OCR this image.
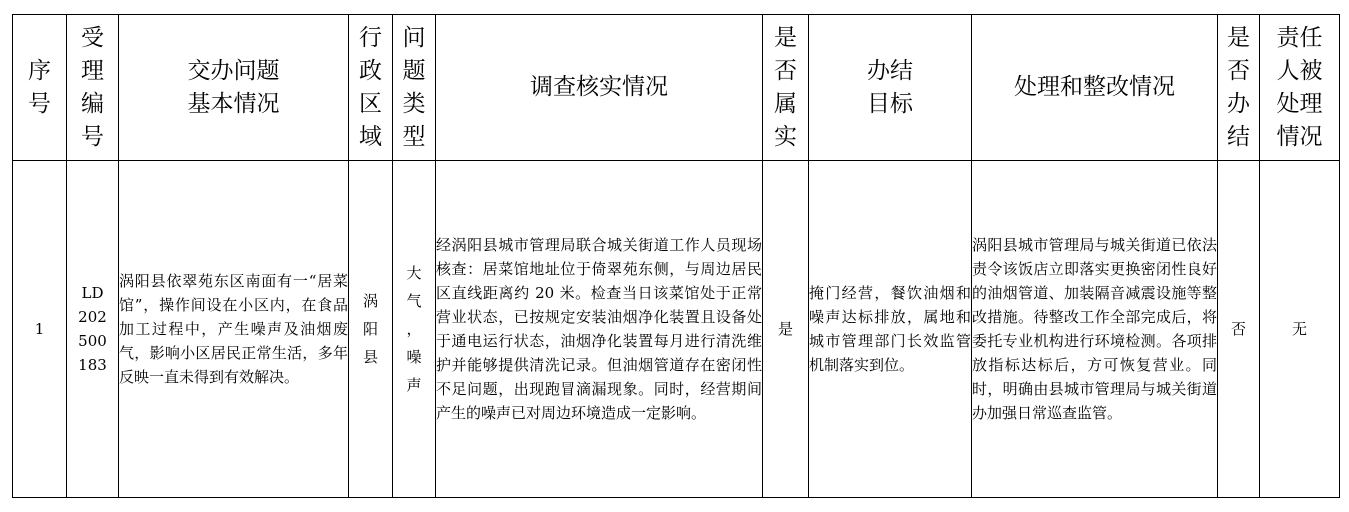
序
号	受
理
编
号	交办问题
基本情况	行
政
区
域	问
题
类
型	调查核实情况	是
否
属
实	办结
目标	处理和整改情况	是
否
办
结	责任
人被
处理
情况

1	LD
202
500
183	涡阳县依翠苑东区南面有一“居菜馆”，操作间设在小区内，在食品加工过程中，产生噪声及油烟废气，影响小区居民正常生活，多年反映一直未得到有效解决。	涡
阳
县	大
气
，
噪
声	经涡阳县城市管理局联合城关街道工作人员现场核查：居菜馆地址位于倚翠苑东侧，与周边居民区直线距离约 20 米。检查当日该菜馆处于正常营业状态，已按规定安装油烟净化装置且设备处于通电运行状态，油烟净化装置每月进行清洗维护并能够提供清洗记录。但油烟管道存在密闭性不足问题，出现跑冒滴漏现象。同时，经营期间产生的噪声已对周边环境造成一定影响。	是	掩门经营，餐饮油烟和噪声达标排放，属地和城市管理部门长效监管机制落实到位。	涡阳县城市管理局与城关街道已依法责令该饭店立即落实更换密闭性良好的油烟管道、加装隔音减震设施等整改措施。待整改工作全部完成后，将委托专业机构进行环境检测。各项排放指标达标后，方可恢复营业。同时，明确由县城市管理局与城关街道办加强日常巡查监管。	否	无
